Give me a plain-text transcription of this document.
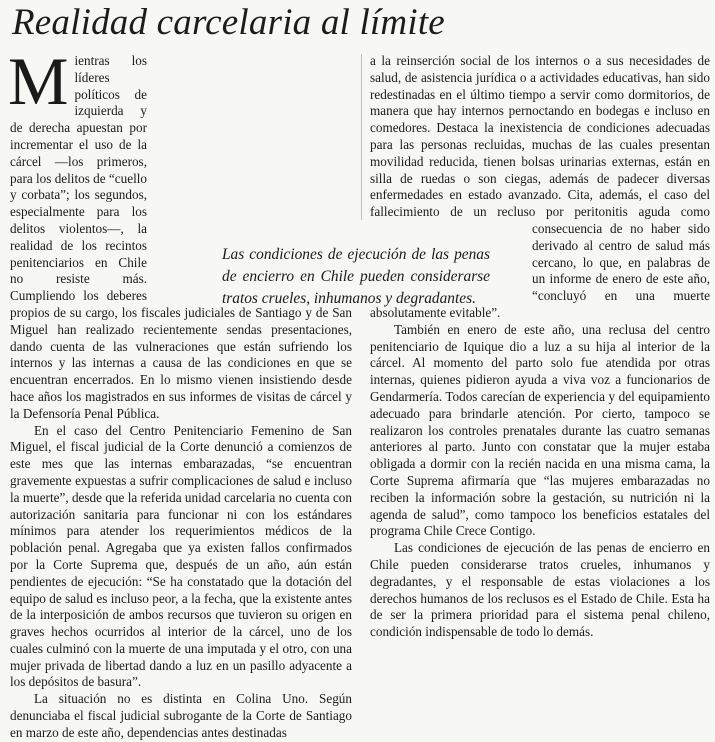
Realidad carcelaria al límite
M ientras los líderes políticos de izquierda y de derecha apuestan por incrementar el uso de la cárcel —los primeros, para los delitos de “cuello y corbata”; los segundos, especialmente para los delitos violentos—, la realidad de los recintos penitenciarios en Chile no resiste más. Cumpliendo los deberes propios de su cargo, los fiscales judiciales de Santiago y de San Miguel han realizado recientemente sendas presentaciones, dando cuenta de las vulneraciones que están sufriendo los internos y las internas a causa de las condiciones en que se encuentran encerrados. En lo mismo vienen insistiendo desde hace años los magistrados en sus informes de visitas de cárcel y la Defensoría Penal Pública.

En el caso del Centro Penitenciario Femenino de San Miguel, el fiscal judicial de la Corte denunció a comienzos de este mes que las internas embarazadas, “se encuentran gravemente expuestas a sufrir complicaciones de salud e incluso la muerte”, desde que la referida unidad carcelaria no cuenta con autorización sanitaria para funcionar ni con los estándares mínimos para atender los requerimientos médicos de la población penal. Agregaba que ya existen fallos confirmados por la Corte Suprema que, después de un año, aún están pendientes de ejecución: “Se ha constatado que la dotación del equipo de salud es incluso peor, a la fecha, que la existente antes de la interposición de ambos recursos que tuvieron su origen en graves hechos ocurridos al interior de la cárcel, uno de los cuales culminó con la muerte de una imputada y el otro, con una mujer privada de libertad dando a luz en un pasillo adyacente a los depósitos de basura”.

La situación no es distinta en Colina Uno. Según denunciaba el fiscal judicial subrogante de la Corte de Santiago en marzo de este año, dependencias antes destinadas

a la reinserción social de los internos o a sus necesidades de salud, de asistencia jurídica o a actividades educativas, han sido redestinadas en el último tiempo a servir como dormitorios, de manera que hay internos pernoctando en bodegas e incluso en comedores. Destaca la inexistencia de condiciones adecuadas para las personas recluidas, muchas de las cuales presentan movilidad reducida, tienen bolsas urinarias externas, están en silla de ruedas o son ciegas, además de padecer diversas enfermedades en estado avanzado. Cita, además, el caso del fallecimiento de un recluso por peritonitis aguda como consecuencia de no haber sido derivado al centro de salud más cercano, lo que, en palabras de un informe de enero de este año, “concluyó en una muerte absolutamente evitable”.

También en enero de este año, una reclusa del centro penitenciario de Iquique dio a luz a su hija al interior de la cárcel. Al momento del parto solo fue atendida por otras internas, quienes pidieron ayuda a viva voz a funcionarios de Gendarmería. Todos carecían de experiencia y del equipamiento adecuado para brindarle atención. Por cierto, tampoco se realizaron los controles prenatales durante las cuatro semanas anteriores al parto. Junto con constatar que la mujer estaba obligada a dormir con la recién nacida en una misma cama, la Corte Suprema afirmaría que “las mujeres embarazadas no reciben la información sobre la gestación, su nutrición ni la agenda de salud”, como tampoco los beneficios estatales del programa Chile Crece Contigo.

Las condiciones de ejecución de las penas de encierro en Chile pueden considerarse tratos crueles, inhumanos y degradantes, y el responsable de estas violaciones a los derechos humanos de los reclusos es el Estado de Chile. Esta ha de ser la primera prioridad para el sistema penal chileno, condición indispensable de todo lo demás.

Las condiciones de ejecución de las penas de encierro en Chile pueden considerarse tratos crueles, inhumanos y degradantes.
